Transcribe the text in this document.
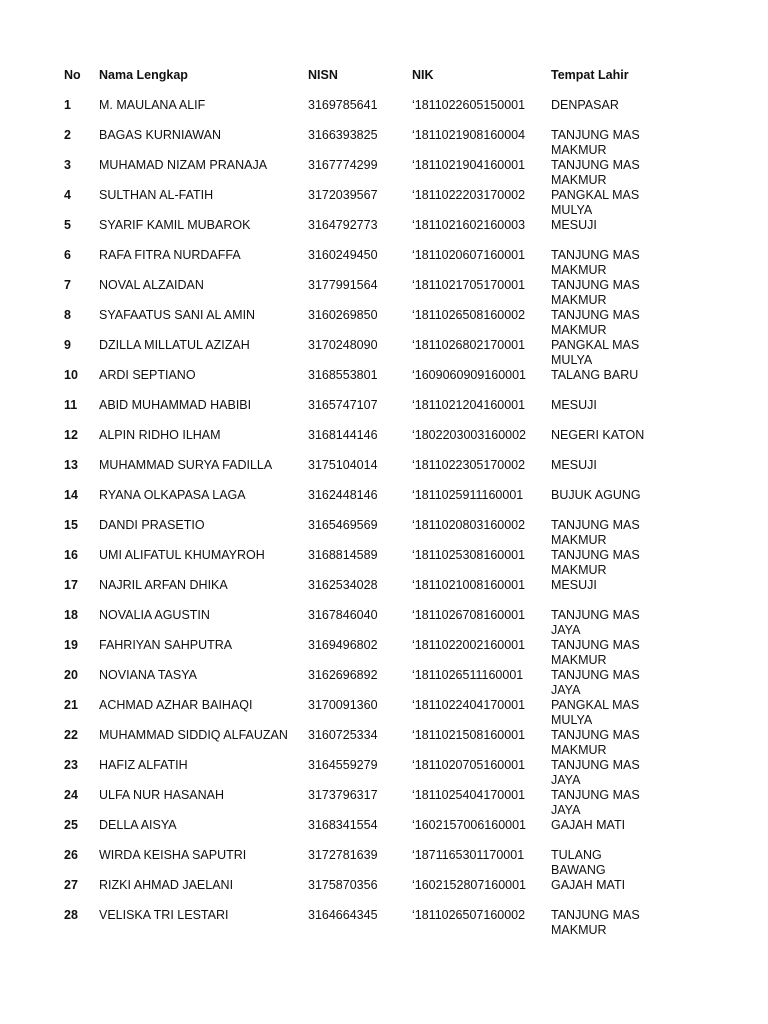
No	Nama Lengkap	NISN	NIK	Tempat Lahir
1	M. MAULANA ALIF	3169785641	‘1811022605150001	DENPASAR
2	BAGAS KURNIAWAN	3166393825	‘1811021908160004	TANJUNG MAS MAKMUR
3	MUHAMAD NIZAM PRANAJA	3167774299	‘1811021904160001	TANJUNG MAS MAKMUR
4	SULTHAN AL-FATIH	3172039567	‘1811022203170002	PANGKAL MAS MULYA
5	SYARIF KAMIL MUBAROK	3164792773	‘1811021602160003	MESUJI
6	RAFA FITRA NURDAFFA	3160249450	‘1811020607160001	TANJUNG MAS MAKMUR
7	NOVAL ALZAIDAN	3177991564	‘1811021705170001	TANJUNG MAS MAKMUR
8	SYAFAATUS SANI AL AMIN	3160269850	‘1811026508160002	TANJUNG MAS MAKMUR
9	DZILLA MILLATUL AZIZAH	3170248090	‘1811026802170001	PANGKAL MAS MULYA
10	ARDI SEPTIANO	3168553801	‘1609060909160001	TALANG BARU
11	ABID MUHAMMAD HABIBI	3165747107	‘1811021204160001	MESUJI
12	ALPIN RIDHO ILHAM	3168144146	‘1802203003160002	NEGERI KATON
13	MUHAMMAD SURYA FADILLA	3175104014	‘1811022305170002	MESUJI
14	RYANA OLKAPASA LAGA	3162448146	‘1811025911160001	BUJUK AGUNG
15	DANDI PRASETIO	3165469569	‘1811020803160002	TANJUNG MAS MAKMUR
16	UMI ALIFATUL KHUMAYROH	3168814589	‘1811025308160001	TANJUNG MAS MAKMUR
17	NAJRIL ARFAN DHIKA	3162534028	‘1811021008160001	MESUJI
18	NOVALIA AGUSTIN	3167846040	‘1811026708160001	TANJUNG MAS JAYA
19	FAHRIYAN SAHPUTRA	3169496802	‘1811022002160001	TANJUNG MAS MAKMUR
20	NOVIANA TASYA	3162696892	‘1811026511160001	TANJUNG MAS JAYA
21	ACHMAD AZHAR BAIHAQI	3170091360	‘1811022404170001	PANGKAL MAS MULYA
22	MUHAMMAD SIDDIQ ALFAUZAN	3160725334	‘1811021508160001	TANJUNG MAS MAKMUR
23	HAFIZ ALFATIH	3164559279	‘1811020705160001	TANJUNG MAS JAYA
24	ULFA NUR HASANAH	3173796317	‘1811025404170001	TANJUNG MAS JAYA
25	DELLA AISYA	3168341554	‘1602157006160001	GAJAH MATI
26	WIRDA KEISHA SAPUTRI	3172781639	‘1871165301170001	TULANG BAWANG
27	RIZKI AHMAD JAELANI	3175870356	‘1602152807160001	GAJAH MATI
28	VELISKA TRI LESTARI	3164664345	‘1811026507160002	TANJUNG MAS MAKMUR
